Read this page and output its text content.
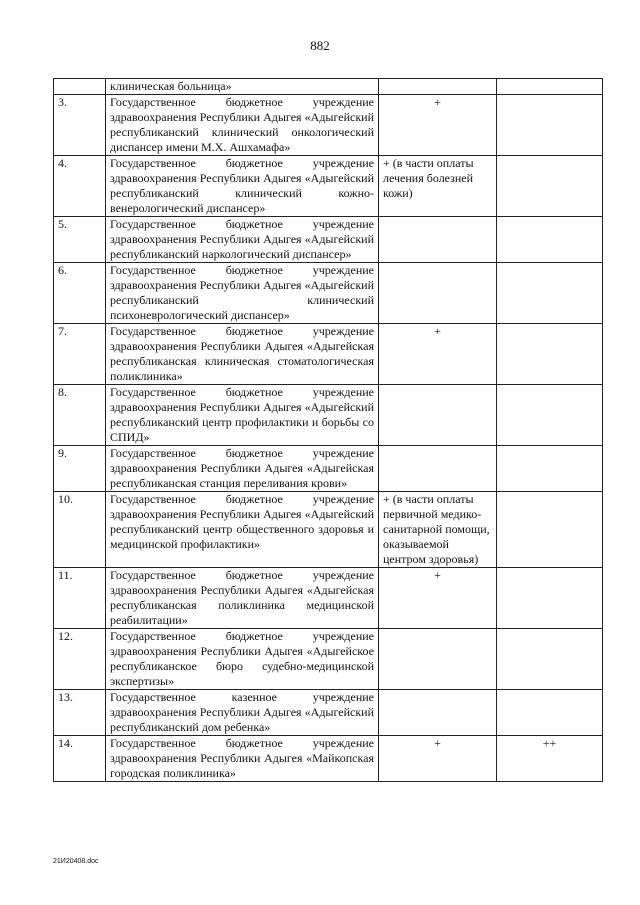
882
	клиническая больница»		
3.	Государственное бюджетное учреждение здравоохранения Республики Адыгея «Адыгейский республиканский клинический онкологический диспансер имени М.Х. Ашхамафа»	+	
4.	Государственное бюджетное учреждение здравоохранения Республики Адыгея «Адыгейский республиканский клинический кожно-венерологический диспансер»	+ (в части оплаты лечения болезней кожи)	
5.	Государственное бюджетное учреждение здравоохранения Республики Адыгея «Адыгейский республиканский наркологический диспансер»		
6.	Государственное бюджетное учреждение здравоохранения Республики Адыгея «Адыгейский республиканский клинический психоневрологический диспансер»		
7.	Государственное бюджетное учреждение здравоохранения Республики Адыгея «Адыгейская республиканская клиническая стоматологическая поликлиника»	+	
8.	Государственное бюджетное учреждение здравоохранения Республики Адыгея «Адыгейский республиканский центр профилактики и борьбы со СПИД»		
9.	Государственное бюджетное учреждение здравоохранения Республики Адыгея «Адыгейская республиканская станция переливания крови»		
10.	Государственное бюджетное учреждение здравоохранения Республики Адыгея «Адыгейский республиканский центр общественного здоровья и медицинской профилактики»	+ (в части оплаты первичной медико-санитарной помощи, оказываемой центром здоровья)	
11.	Государственное бюджетное учреждение здравоохранения Республики Адыгея «Адыгейская республиканская поликлиника медицинской реабилитации»	+	
12.	Государственное бюджетное учреждение здравоохранения Республики Адыгея «Адыгейское республиканское бюро судебно-медицинской экспертизы»		
13.	Государственное казенное учреждение здравоохранения Республики Адыгея «Адыгейский республиканский дом ребенка»		
14.	Государственное бюджетное учреждение здравоохранения Республики Адыгея «Майкопская городская поликлиника»	+	++
21И20408.doc
